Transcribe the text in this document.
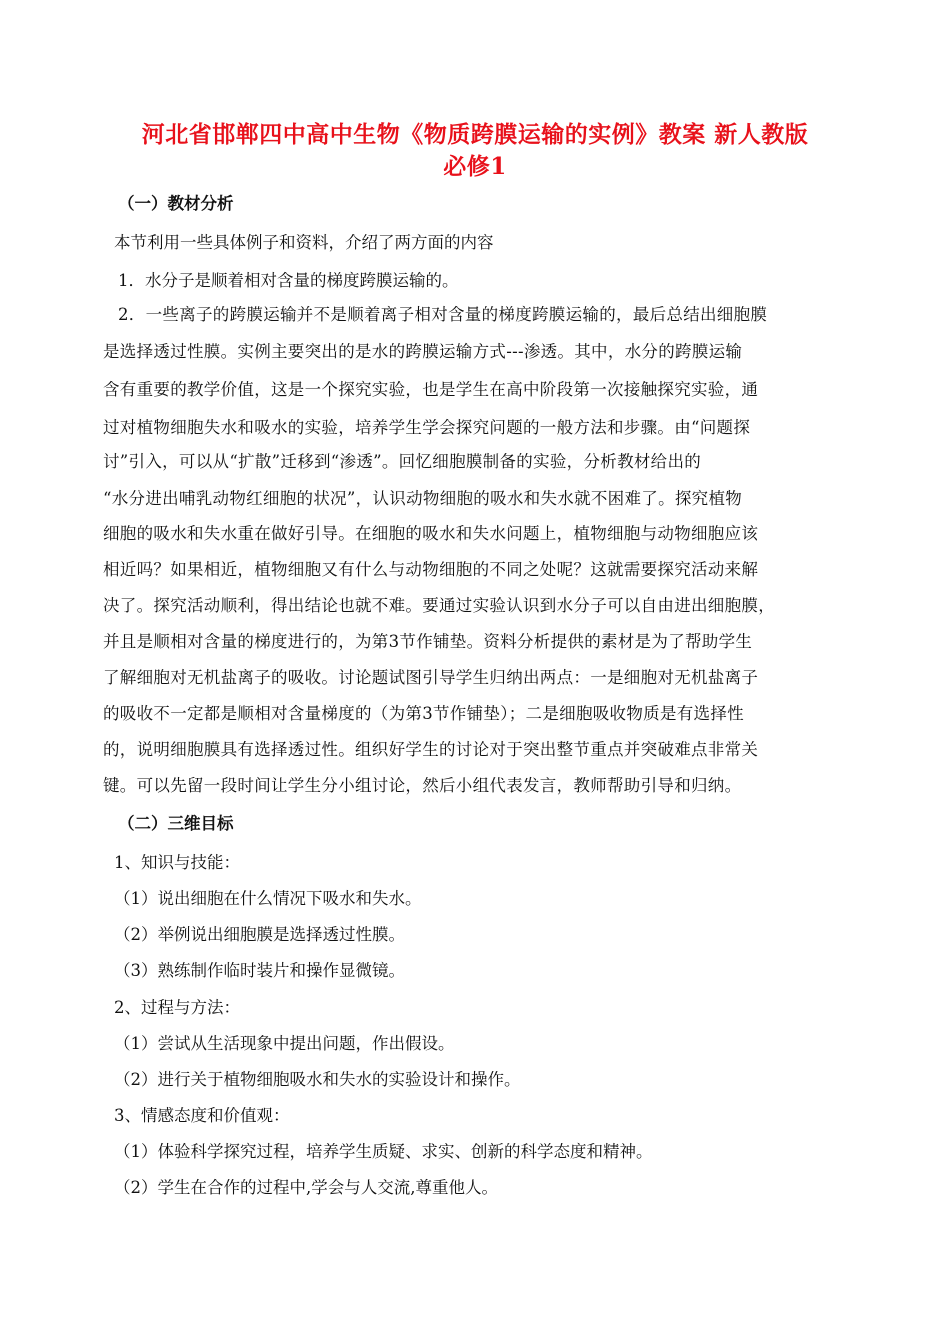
河北省邯郸四中高中生物《物质跨膜运输的实例》教案 新人教版
必修1
（一）教材分析
本节利用一些具体例子和资料，介绍了两方面的内容
1．水分子是顺着相对含量的梯度跨膜运输的。
2．一些离子的跨膜运输并不是顺着离子相对含量的梯度跨膜运输的，最后总结出细胞膜
是选择透过性膜。实例主要突出的是水的跨膜运输方式---渗透。其中，水分的跨膜运输
含有重要的教学价值，这是一个探究实验，也是学生在高中阶段第一次接触探究实验，通
过对植物细胞失水和吸水的实验，培养学生学会探究问题的一般方法和步骤。由“问题探
讨”引入，可以从“扩散”迁移到“渗透”。回忆细胞膜制备的实验，分析教材给出的
“水分进出哺乳动物红细胞的状况”，认识动物细胞的吸水和失水就不困难了。探究植物
细胞的吸水和失水重在做好引导。在细胞的吸水和失水问题上，植物细胞与动物细胞应该
相近吗？如果相近，植物细胞又有什么与动物细胞的不同之处呢？这就需要探究活动来解
决了。探究活动顺利，得出结论也就不难。要通过实验认识到水分子可以自由进出细胞膜，
并且是顺相对含量的梯度进行的，为第3节作铺垫。资料分析提供的素材是为了帮助学生
了解细胞对无机盐离子的吸收。讨论题试图引导学生归纳出两点：一是细胞对无机盐离子
的吸收不一定都是顺相对含量梯度的（为第3节作铺垫）；二是细胞吸收物质是有选择性
的，说明细胞膜具有选择透过性。组织好学生的讨论对于突出整节重点并突破难点非常关
键。可以先留一段时间让学生分小组讨论，然后小组代表发言，教师帮助引导和归纳。
（二）三维目标
1、知识与技能：
（1）说出细胞在什么情况下吸水和失水。
（2）举例说出细胞膜是选择透过性膜。
（3）熟练制作临时装片和操作显微镜。
2、过程与方法：
（1）尝试从生活现象中提出问题，作出假设。
（2）进行关于植物细胞吸水和失水的实验设计和操作。
3、情感态度和价值观：
（1）体验科学探究过程，培养学生质疑、求实、创新的科学态度和精神。
（2）学生在合作的过程中,学会与人交流,尊重他人。
